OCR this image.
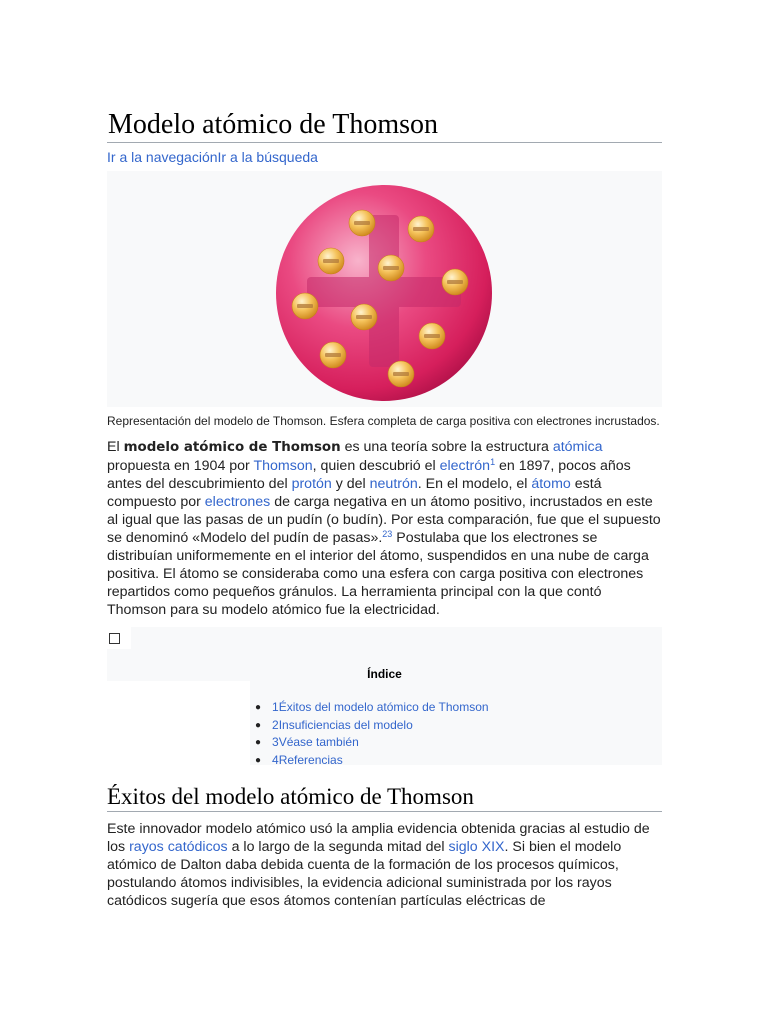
Modelo atómico de Thomson
Ir a la navegaciónIr a la búsqueda
Representación del modelo de Thomson. Esfera completa de carga positiva con electrones incrustados.

El modelo atómico de Thomson es una teoría sobre la estructura atómica propuesta en 1904 por Thomson, quien descubrió el electrón$^1$ en 1897, pocos años antes del descubrimiento del protón y del neutrón. En el modelo, el átomo está compuesto por electrones de carga negativa en un átomo positivo, incrustados en este al igual que las pasas de un pudín (o budín). Por esta comparación, fue que el supuesto se denominó «Modelo del pudín de pasas».$^{23}$ Postulaba que los electrones se distribuían uniformemente en el interior del átomo, suspendidos en una nube de carga positiva. El átomo se consideraba como una esfera con carga positiva con electrones repartidos como pequeños gránulos. La herramienta principal con la que contó Thomson para su modelo atómico fue la electricidad.

Índice
● 1Éxitos del modelo atómico de Thomson
● 2Insuficiencias del modelo
● 3Véase también
● 4Referencias
Éxitos del modelo atómico de Thomson

Este innovador modelo atómico usó la amplia evidencia obtenida gracias al estudio de los rayos catódicos a lo largo de la segunda mitad del siglo XIX. Si bien el modelo atómico de Dalton daba debida cuenta de la formación de los procesos químicos, postulando átomos indivisibles, la evidencia adicional suministrada por los rayos catódicos sugería que esos átomos contenían partículas eléctricas de
